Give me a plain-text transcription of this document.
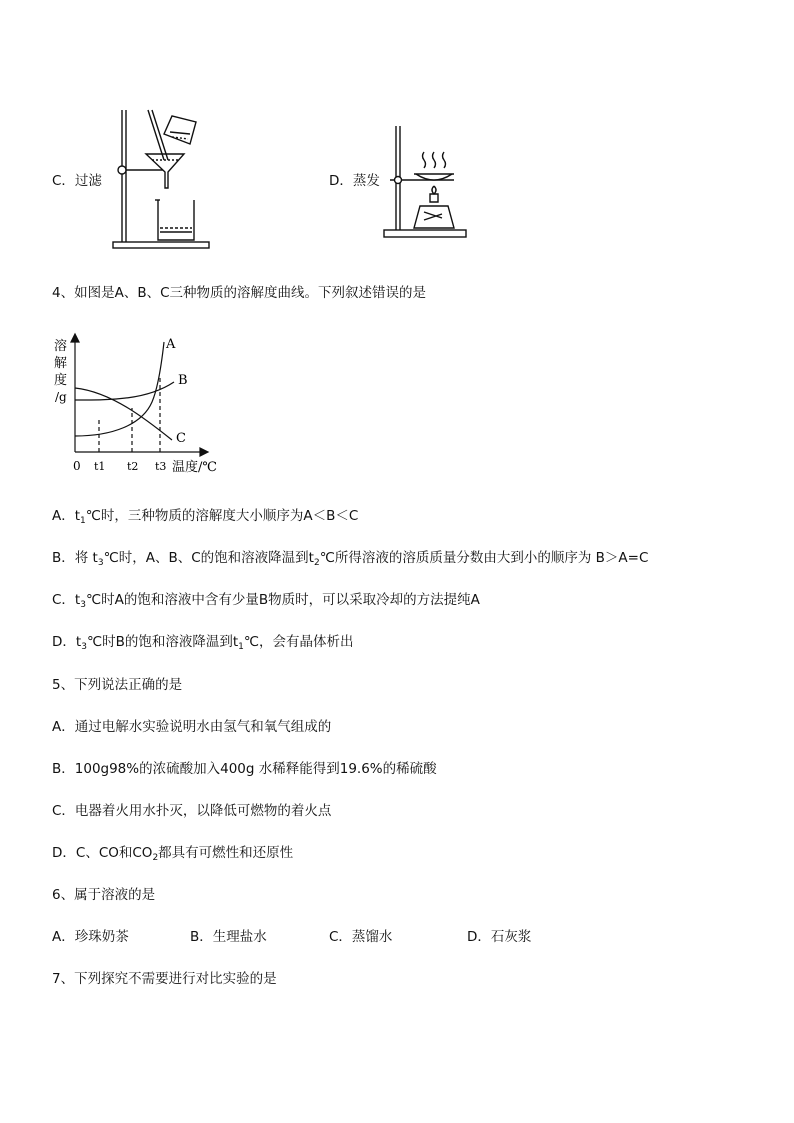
C．过滤	D．蒸发
4、如图是A、B、C三种物质的溶解度曲线。下列叙述错误的是
溶
解
度
/g
A
B
C
0 t1 t2 t3 温度/℃
A．$t_1℃$时，三种物质的溶解度大小顺序为A＜B＜C
B．将 $t_3℃$时，A、B、C的饱和溶液降温到$t_2℃$所得溶液的溶质质量分数由大到小的顺序为 B＞A=C
C．$t_3℃$时A的饱和溶液中含有少量B物质时，可以采取冷却的方法提纯A
D．$t_3℃$时B的饱和溶液降温到$t_1℃$，会有晶体析出
5、下列说法正确的是
A．通过电解水实验说明水由氢气和氧气组成的
B．100g98%的浓硫酸加入400g 水稀释能得到19.6%的稀硫酸
C．电器着火用水扑灭，以降低可燃物的着火点
D．C、CO和$CO_2$都具有可燃性和还原性
6、属于溶液的是
A．珍珠奶茶	B．生理盐水	C．蒸馏水	D．石灰浆
7、下列探究不需要进行对比实验的是
